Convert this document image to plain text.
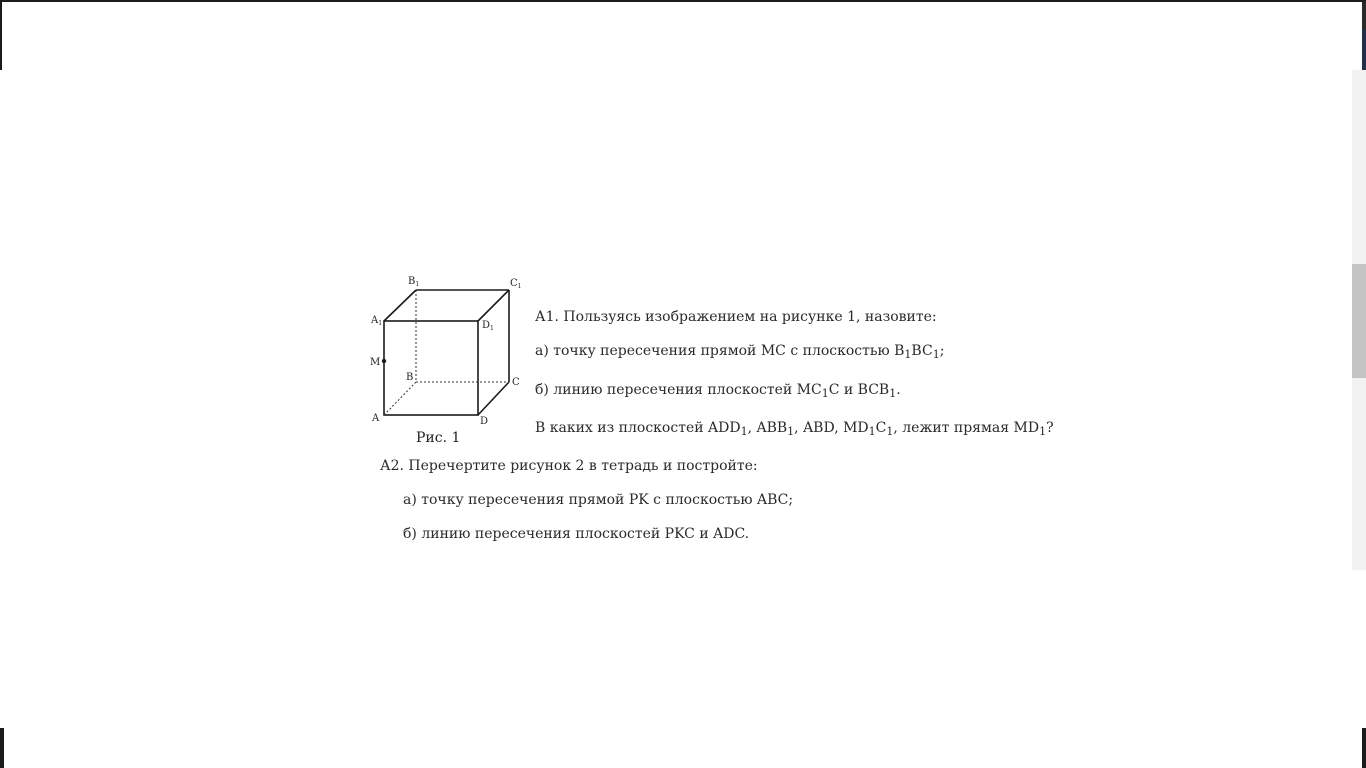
$B_1$	$C_1$
$A_1$	$D_1$
M
B	C
A	D
Рис. 1
А1. Пользуясь изображением на рисунке 1, назовите:
а) точку пересечения прямой MC с плоскостью $B_1BC_1$;
б) линию пересечения плоскостей $MC_1C$ и $BCB_1$.
В каких из плоскостей $ADD_1$, $ABB_1$, ABD, $MD_1C_1$, лежит прямая $MD_1$?
А2. Перечертите рисунок 2 в тетрадь и постройте:
а) точку пересечения прямой PK с плоскостью ABC;
б) линию пересечения плоскостей PKC и ADC.
